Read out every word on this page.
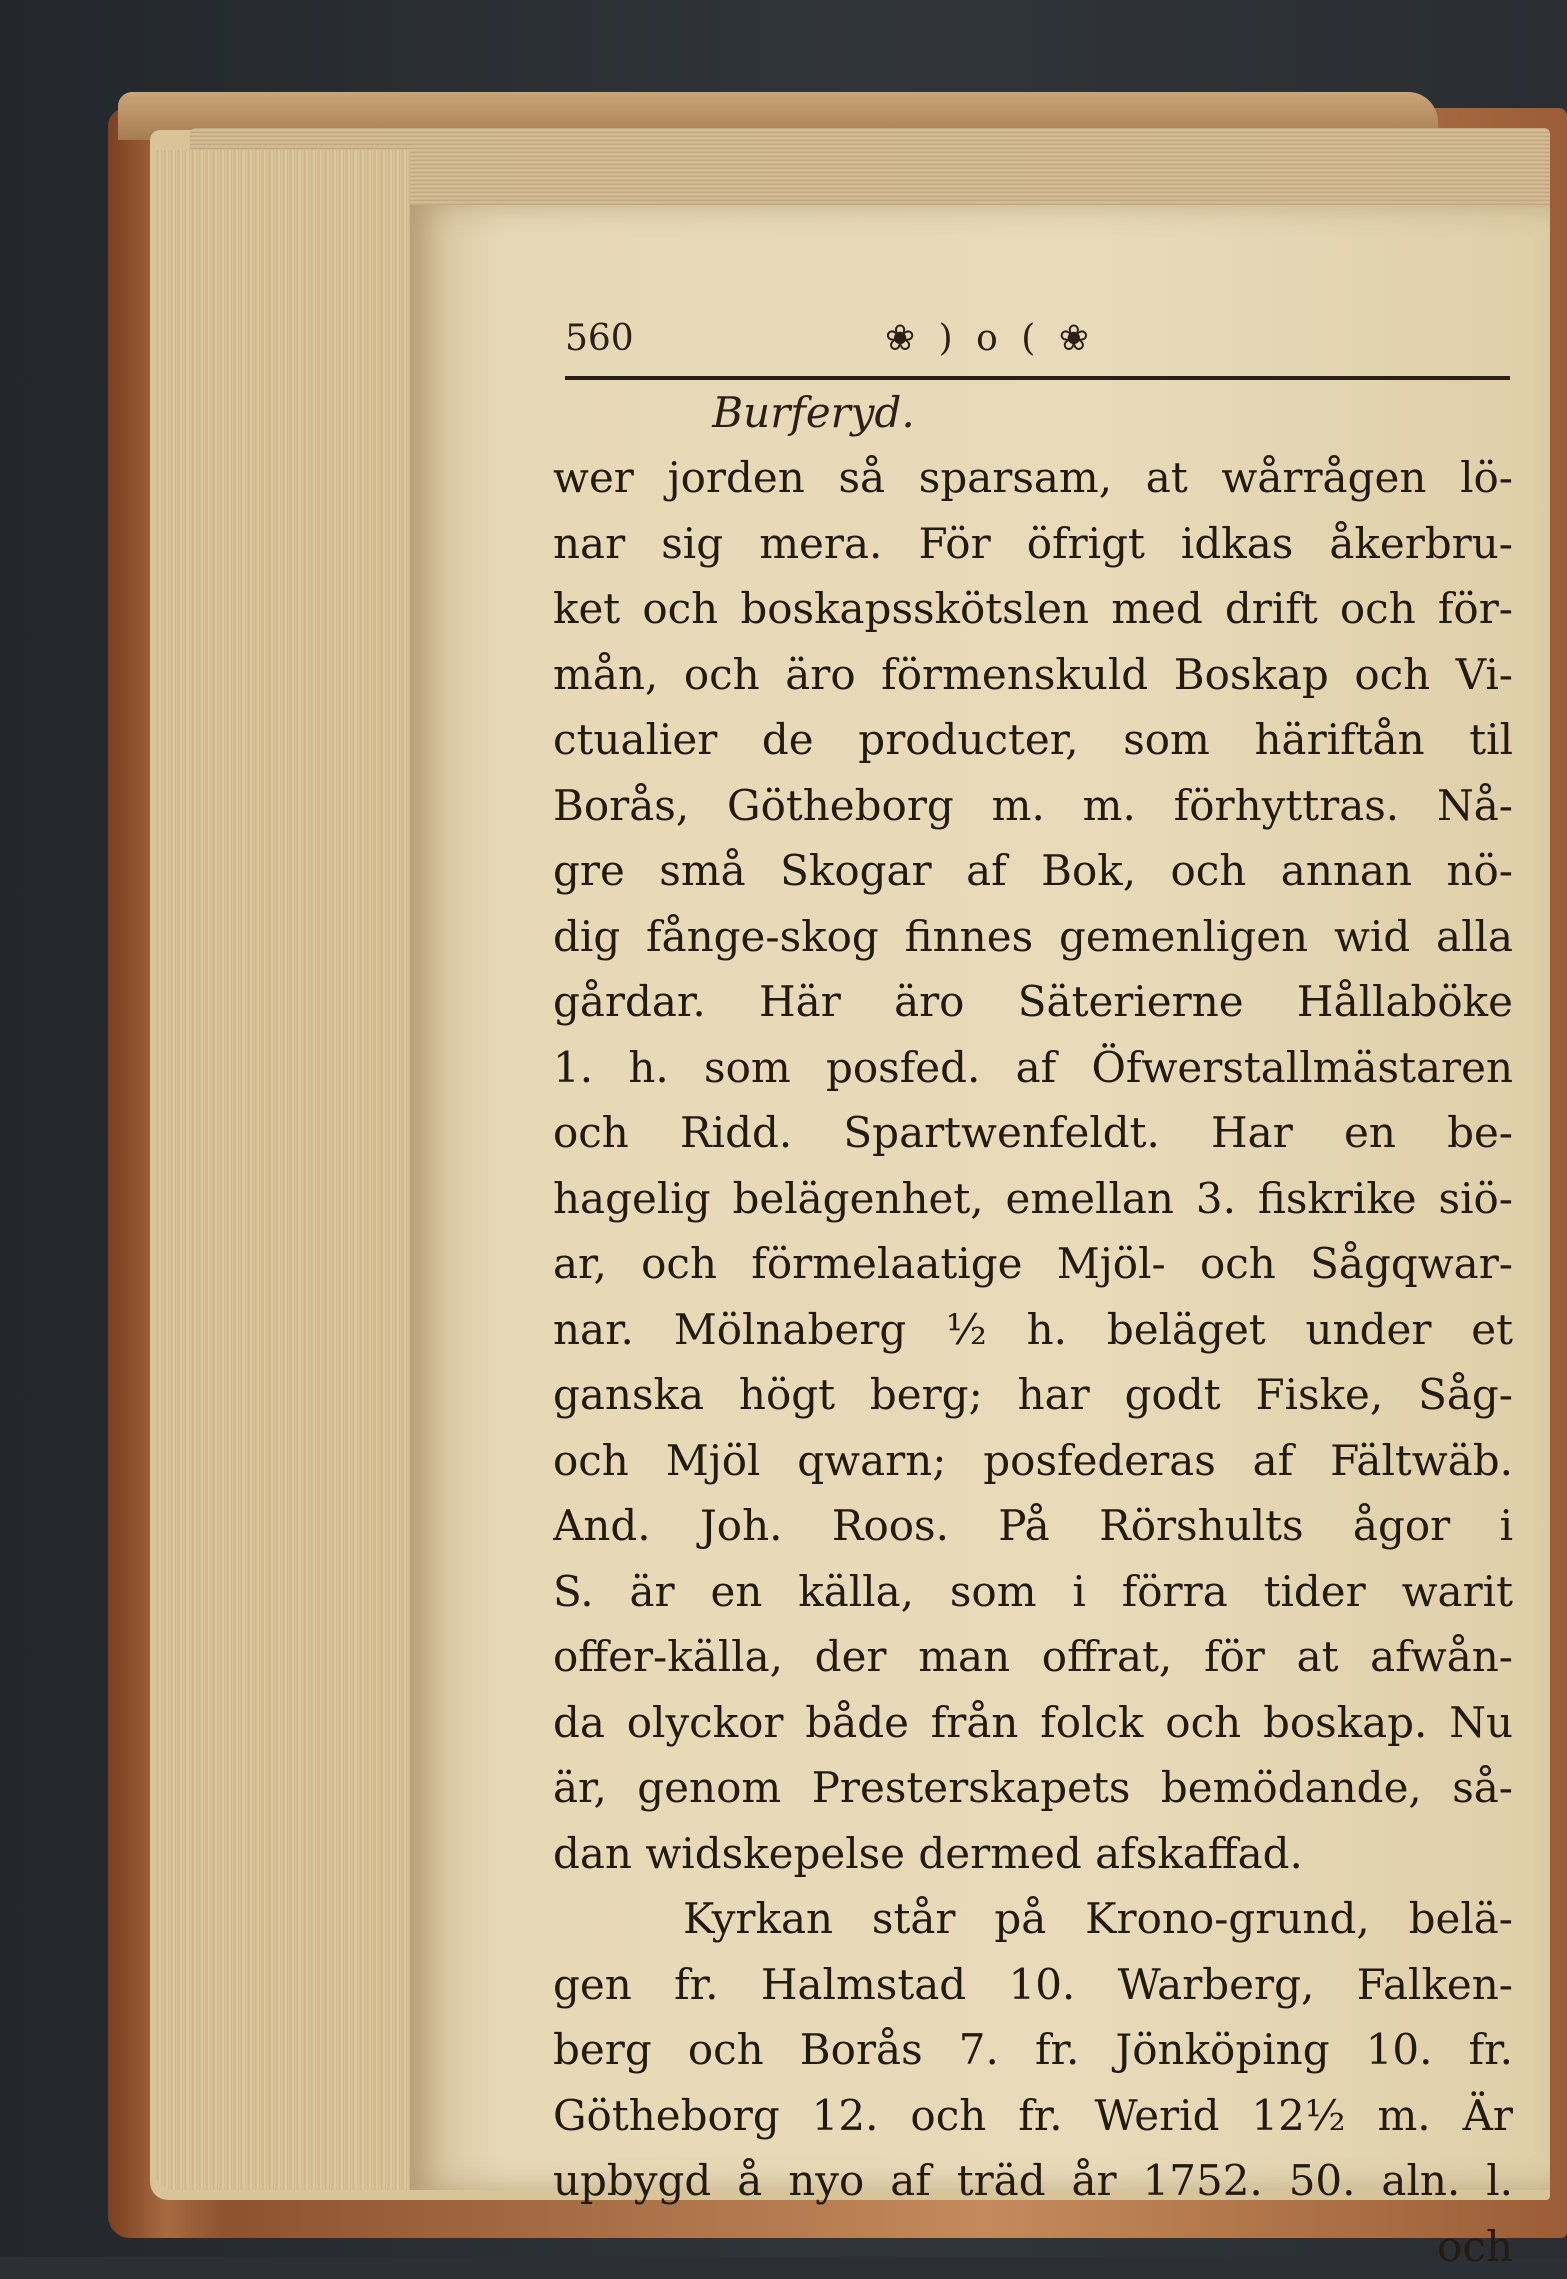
560	❀ ) o ( ❀
Burferyd.
wer jorden så sparsam, at wårrågen lö-
nar sig mera. För öfrigt idkas åkerbru-
ket och boskapsskötslen med drift och för-
mån, och äro förmenskuld Boskap och Vi-
ctualier de producter, som häriftån til
Borås, Götheborg m. m. förhyttras. Nå-
gre små Skogar af Bok, och annan nö-
dig fånge-skog finnes gemenligen wid alla
gårdar. Här äro Säterierne Hållaböke
1. h. som posfed. af Öfwerstallmästaren
och Ridd. Spartwenfeldt. Har en be-
hagelig belägenhet, emellan 3. fiskrike siö-
ar, och förmelaatige Mjöl- och Sågqwar-
nar. Mölnaberg ½ h. beläget under et
ganska högt berg; har godt Fiske, Såg-
och Mjöl qwarn; posfederas af Fältwäb.
And. Joh. Roos. På Rörshults ågor i
S. är en källa, som i förra tider warit
offer-källa, der man offrat, för at afwån-
da olyckor både från folck och boskap. Nu
är, genom Presterskapets bemödande, så-
dan widskepelse dermed afskaffad.
Kyrkan står på Krono-grund, belä-
gen fr. Halmstad 10. Warberg, Falken-
berg och Borås 7. fr. Jönköping 10. fr.
Götheborg 12. och fr. Werid 12½ m. Är
upbygd å nyo af träd år 1752. 50. aln. l.
och
